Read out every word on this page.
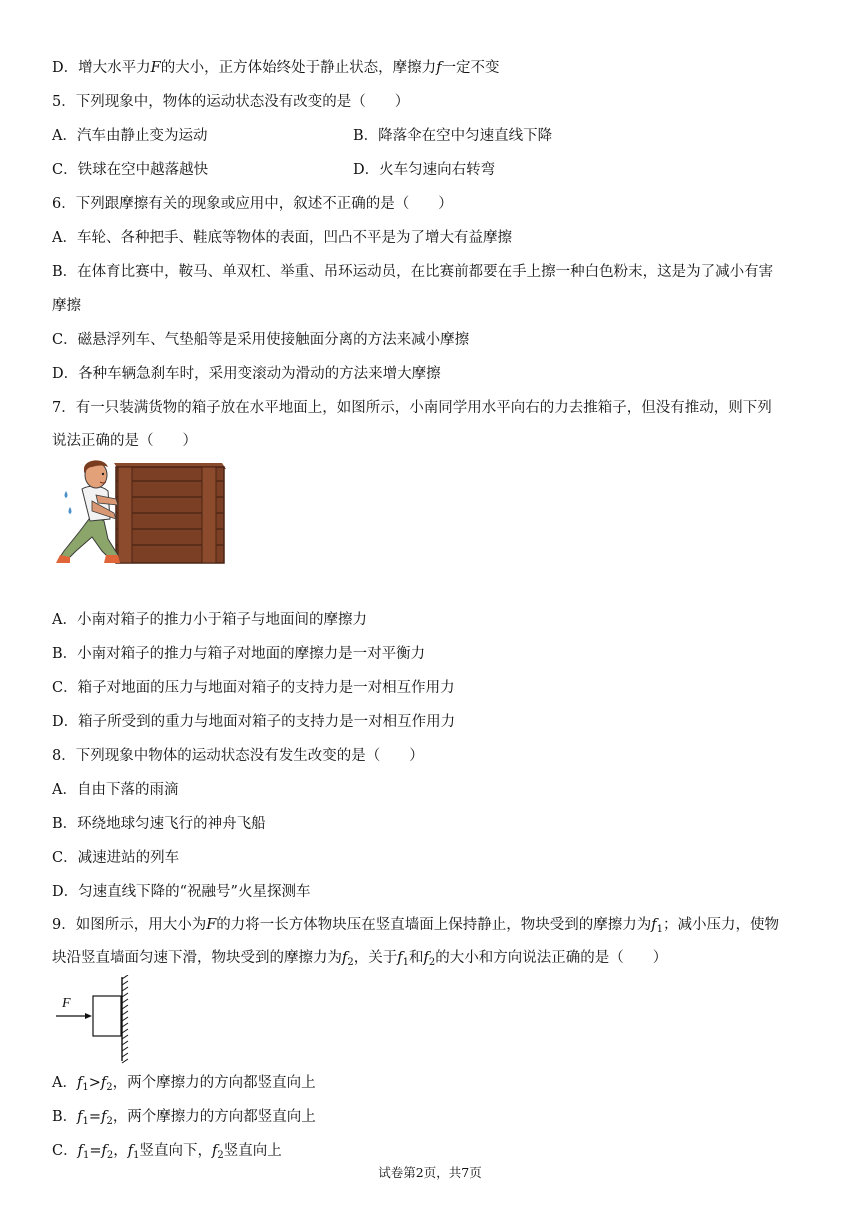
D．增大水平力F的大小，正方体始终处于静止状态，摩擦力f一定不变
5．下列现象中，物体的运动状态没有改变的是（　　）
A．汽车由静止变为运动	B．降落伞在空中匀速直线下降
C．铁球在空中越落越快	D．火车匀速向右转弯
6．下列跟摩擦有关的现象或应用中，叙述不正确的是（　　）
A．车轮、各种把手、鞋底等物体的表面，凹凸不平是为了增大有益摩擦
B．在体育比赛中，鞍马、单双杠、举重、吊环运动员，在比赛前都要在手上擦一种白色粉末，这是为了减小有害
摩擦
C．磁悬浮列车、气垫船等是采用使接触面分离的方法来减小摩擦
D．各种车辆急刹车时，采用变滚动为滑动的方法来增大摩擦
7．有一只装满货物的箱子放在水平地面上，如图所示，小南同学用水平向右的力去推箱子，但没有推动，则下列
说法正确的是（　　）
A．小南对箱子的推力小于箱子与地面间的摩擦力
B．小南对箱子的推力与箱子对地面的摩擦力是一对平衡力
C．箱子对地面的压力与地面对箱子的支持力是一对相互作用力
D．箱子所受到的重力与地面对箱子的支持力是一对相互作用力
8．下列现象中物体的运动状态没有发生改变的是（　　）
A．自由下落的雨滴
B．环绕地球匀速飞行的神舟飞船
C．减速进站的列车
D．匀速直线下降的“祝融号”火星探测车
9．如图所示，用大小为F的力将一长方体物块压在竖直墙面上保持静止，物块受到的摩擦力为$f_1$；减小压力，使物
块沿竖直墙面匀速下滑，物块受到的摩擦力为$f_2$，关于$f_1$和$f_2$的大小和方向说法正确的是（　　）
F
A．$f_1>f_2$，两个摩擦力的方向都竖直向上
B．$f_1=f_2$，两个摩擦力的方向都竖直向上
C．$f_1=f_2$，$f_1$竖直向下，$f_2$竖直向上
试卷第2页，共7页
